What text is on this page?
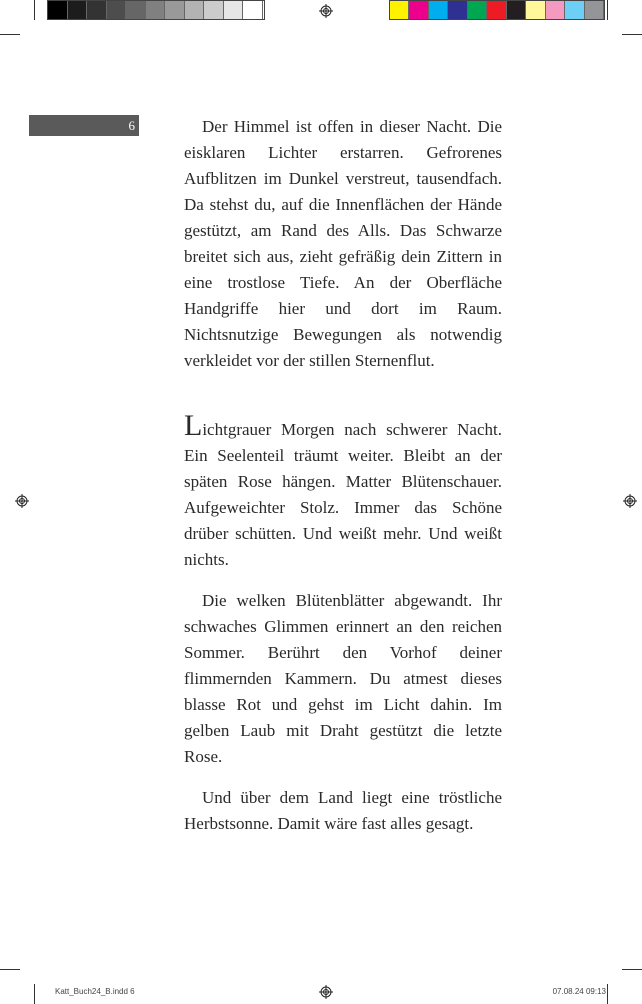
6	Der Himmel ist offen in dieser Nacht. Die eisklaren Lichter erstarren. Gefrorenes Aufblitzen im Dunkel verstreut, tausendfach. Da stehst du, auf die Innenflächen der Hände gestützt, am Rand des Alls. Das Schwarze breitet sich aus, zieht gefräßig dein Zittern in eine trostlose Tiefe. An der Oberfläche Handgriffe hier und dort im Raum. Nichtsnutzige Bewegungen als notwendig verkleidet vor der stillen Sternenflut.

Lichtgrauer Morgen nach schwerer Nacht. Ein Seelenteil träumt weiter. Bleibt an der späten Rose hängen. Matter Blütenschauer. Aufgeweichter Stolz. Immer das Schöne drüber schütten. Und weißt mehr. Und weißt nichts.

Die welken Blütenblätter abgewandt. Ihr schwaches Glimmen erinnert an den reichen Sommer. Berührt den Vorhof deiner flimmernden Kammern. Du atmest dieses blasse Rot und gehst im Licht dahin. Im gelben Laub mit Draht gestützt die letzte Rose.

Und über dem Land liegt eine tröstliche Herbstsonne. Damit wäre fast alles gesagt.

Katt_Buch24_B.indd 6	07.08.24 09:13
